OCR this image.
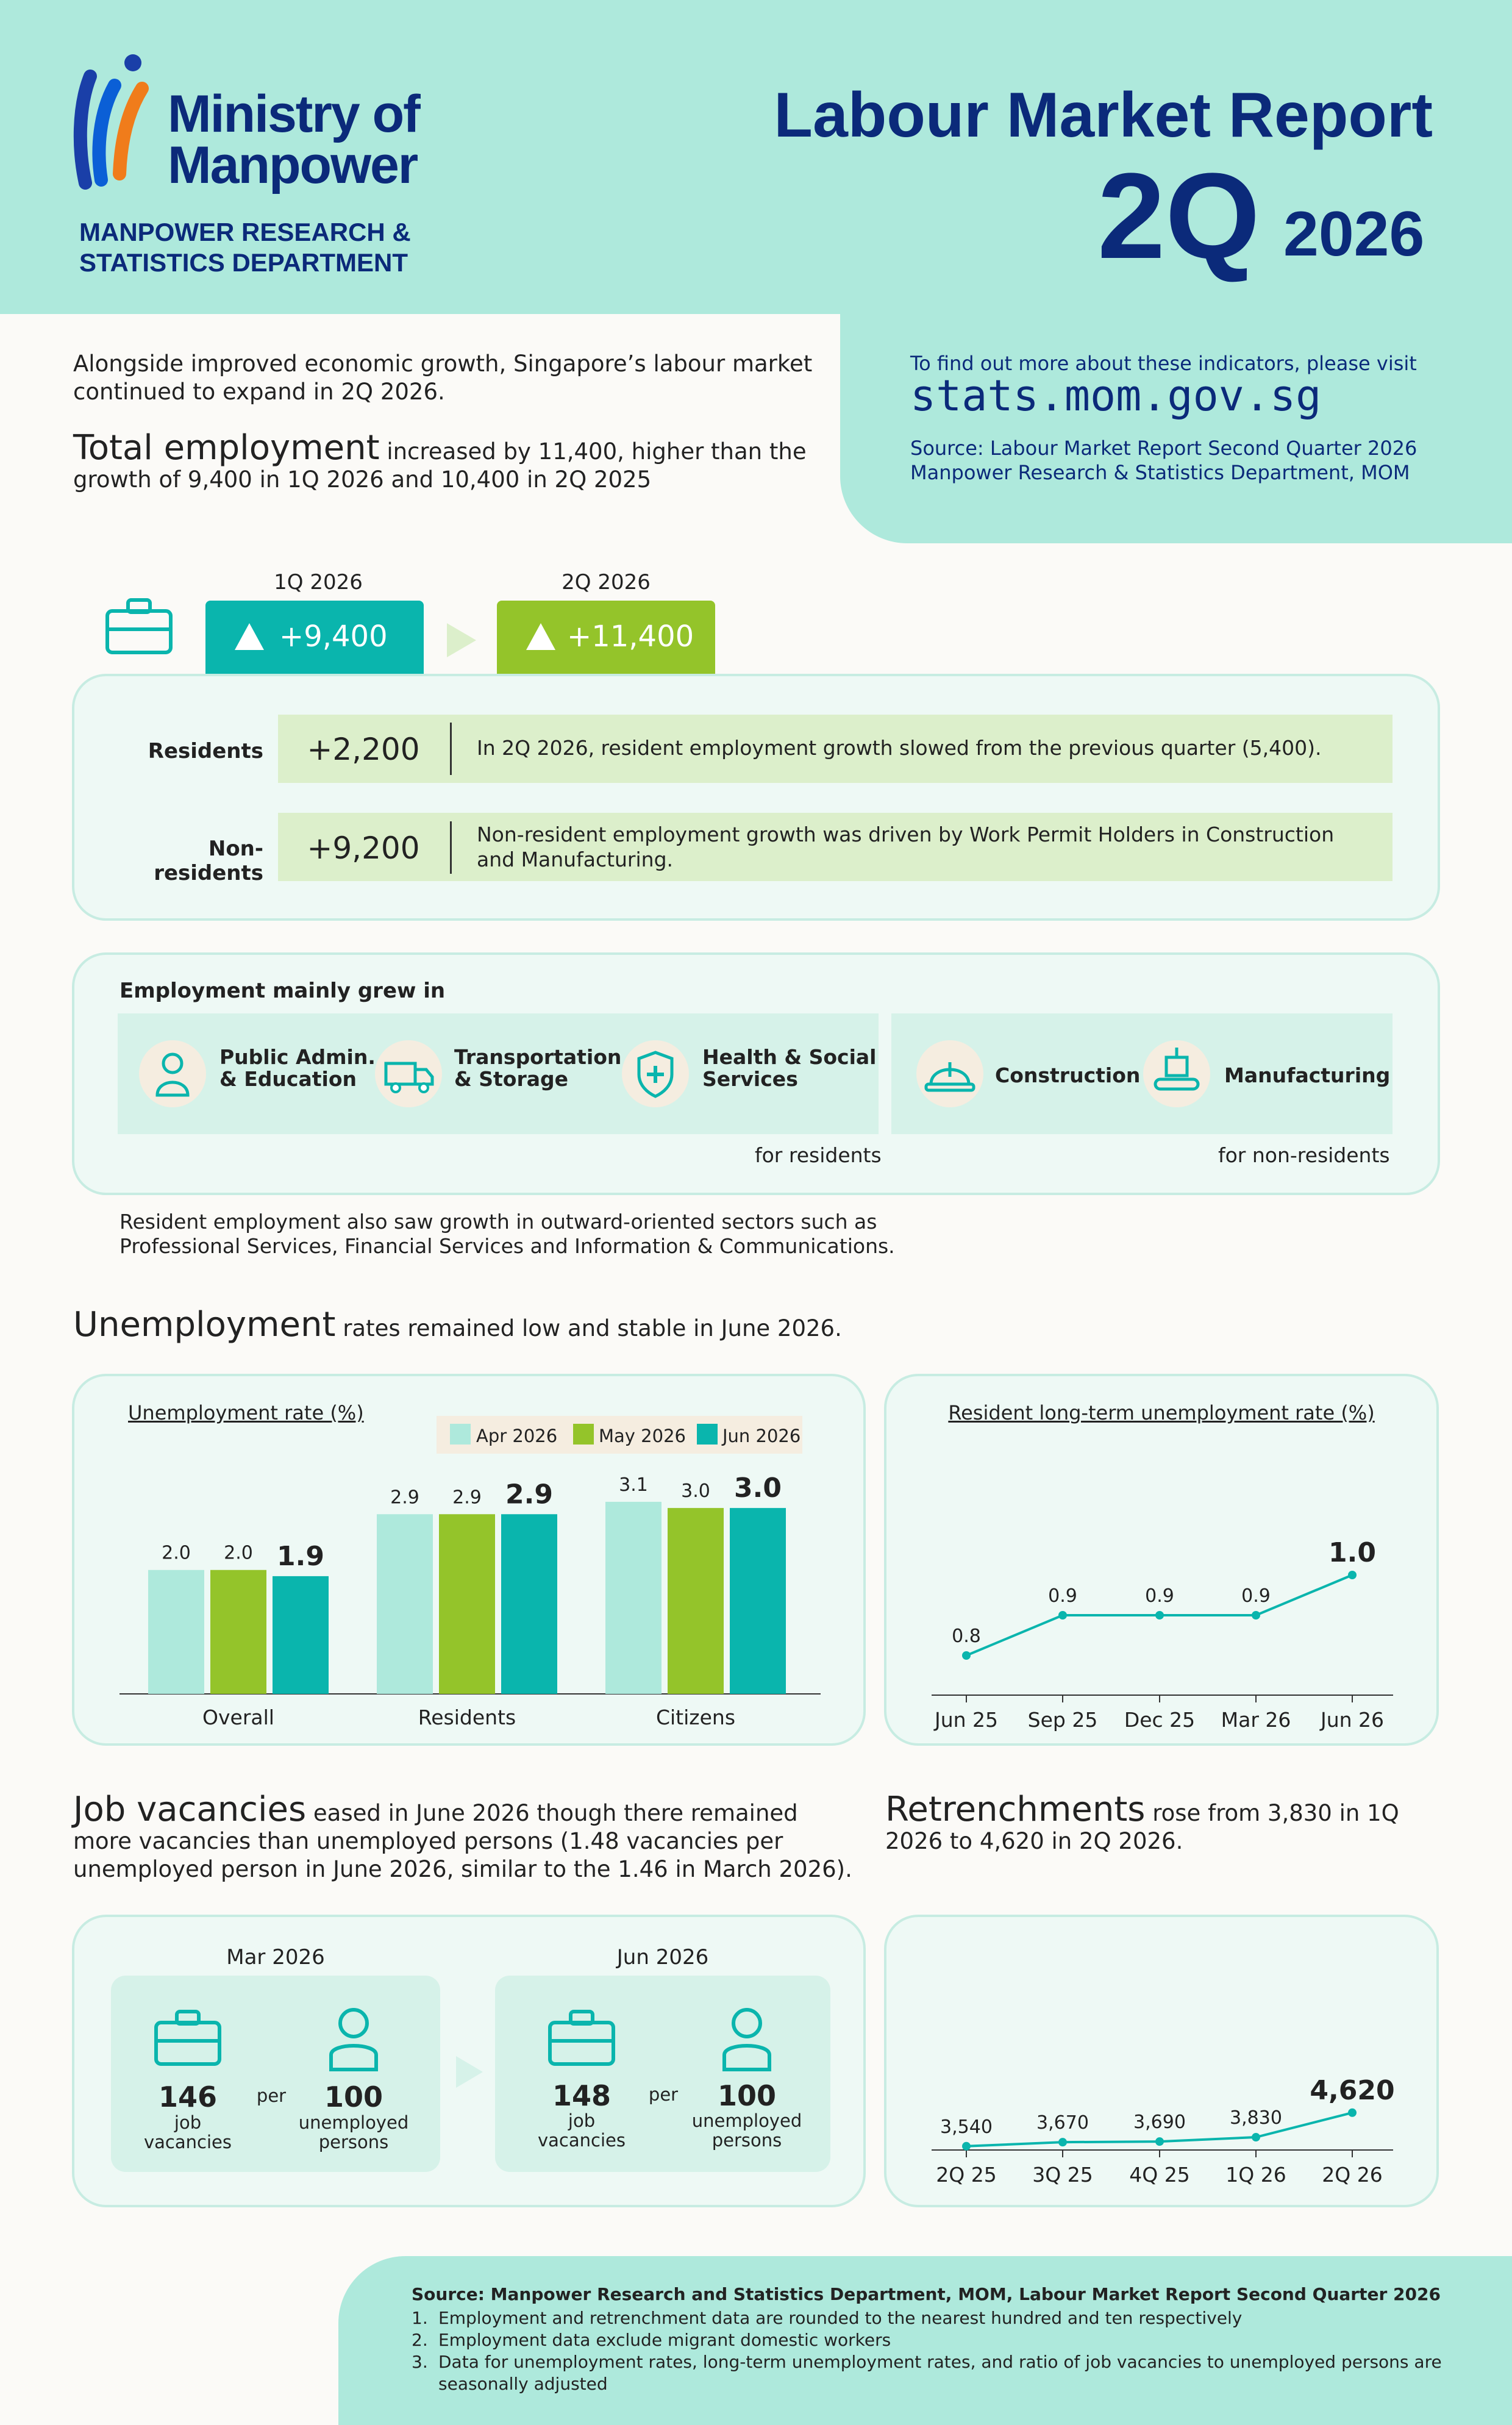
Ministry of
Manpower
MANPOWER RESEARCH &
STATISTICS DEPARTMENT
Labour Market Report
2Q 2026
To find out more about these indicators, please visit
stats.mom.gov.sg
Source: Labour Market Report Second Quarter 2026
Manpower Research & Statistics Department, MOM
Alongside improved economic growth, Singapore’s labour market continued to expand in 2Q 2026.
Total employment increased by 11,400, higher than the growth of 9,400 in 1Q 2026 and 10,400 in 2Q 2025
1Q 2026
+9,400
2Q 2026
+11,400
Residents	+2,200	In 2Q 2026, resident employment growth slowed from the previous quarter (5,400).
Non-residents
+9,200	Non-resident employment growth was driven by Work Permit Holders in Construction and Manufacturing.
Employment mainly grew in
Public Admin.
& Education
Transportation
& Storage
Health & Social
Services	Construction	Manufacturing
for residents	for non-residents
Resident employment also saw growth in outward-oriented sectors such as Professional Services, Financial Services and Information & Communications.
Unemployment rates remained low and stable in June 2026.
Unemployment rate (%)
Apr 2026 May 2026 Jun 2026
2.0 2.0 1.9
Overall
2.9 2.9 2.9
Residents
3.1 3.0 3.0
Citizens
Resident long-term unemployment rate (%)
0.8
Jun 25
0.9
Sep 25
0.9
Dec 25
0.9
Mar 26
1.0
Jun 26
Job vacancies eased in June 2026 though there remained more vacancies than unemployed persons (1.48 vacancies per unemployed person in June 2026, similar to the 1.46 in March 2026).
Mar 2026
146
job
vacancies
per	100
unemployed
persons
Jun 2026
148
job
vacancies
per	100
unemployed
persons
Retrenchments rose from 3,830 in 1Q 2026 to 4,620 in 2Q 2026.
3,540
2Q 25
3,670
3Q 25
3,690
4Q 25
3,830
1Q 26
4,620
2Q 26
Source: Manpower Research and Statistics Department, MOM, Labour Market Report Second Quarter 2026
1. Employment and retrenchment data are rounded to the nearest hundred and ten respectively
2. Employment data exclude migrant domestic workers
3. Data for unemployment rates, long-term unemployment rates, and ratio of job vacancies to unemployed persons are seasonally adjusted
